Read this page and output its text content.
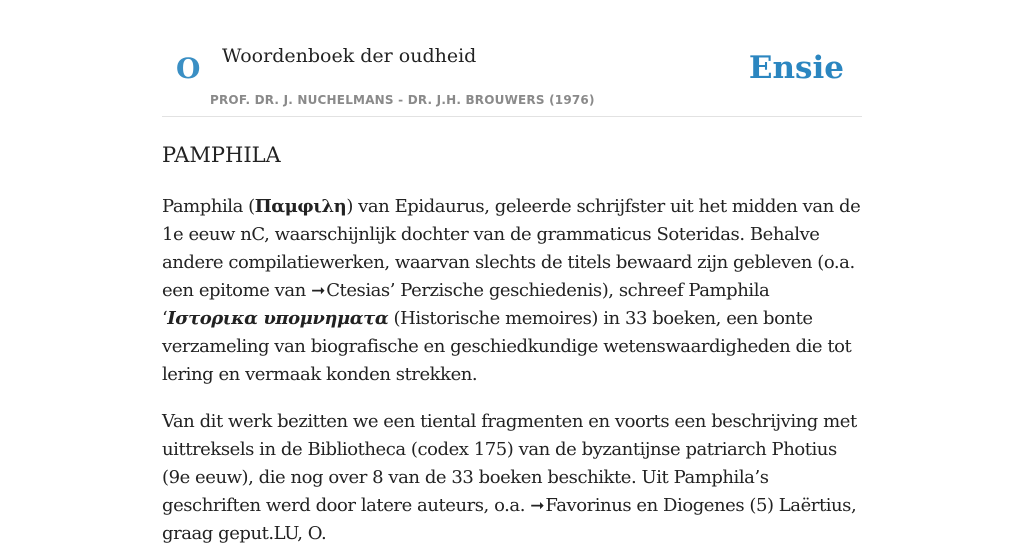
O Woordenboek der oudheid	Ensie
PROF. DR. J. NUCHELMANS - DR. J.H. BROUWERS (1976)
PAMPHILA

Pamphila (Παμφιλη) van Epidaurus, geleerde schrijfster uit het midden van de 1e eeuw nC, waarschijnlijk dochter van de grammaticus Soteridas. Behalve andere compilatiewerken, waarvan slechts de titels bewaard zijn gebleven (o.a. een epitome van ➞ Ctesias’ Perzische geschiedenis), schreef Pamphila ‘Ιστορικα υπομνηματα (Historische memoires) in 33 boeken, een bonte verzameling van biografische en geschiedkundige wetenswaardigheden die tot lering en vermaak konden strekken.

Van dit werk bezitten we een tiental fragmenten en voorts een beschrijving met uittreksels in de Bibliotheca (codex 175) van de byzantijnse patriarch Photius (9e eeuw), die nog over 8 van de 33 boeken beschikte. Uit Pamphila’s geschriften werd door latere auteurs, o.a. ➞ Favorinus en Diogenes (5) Laërtius, graag geput.LU, O.
